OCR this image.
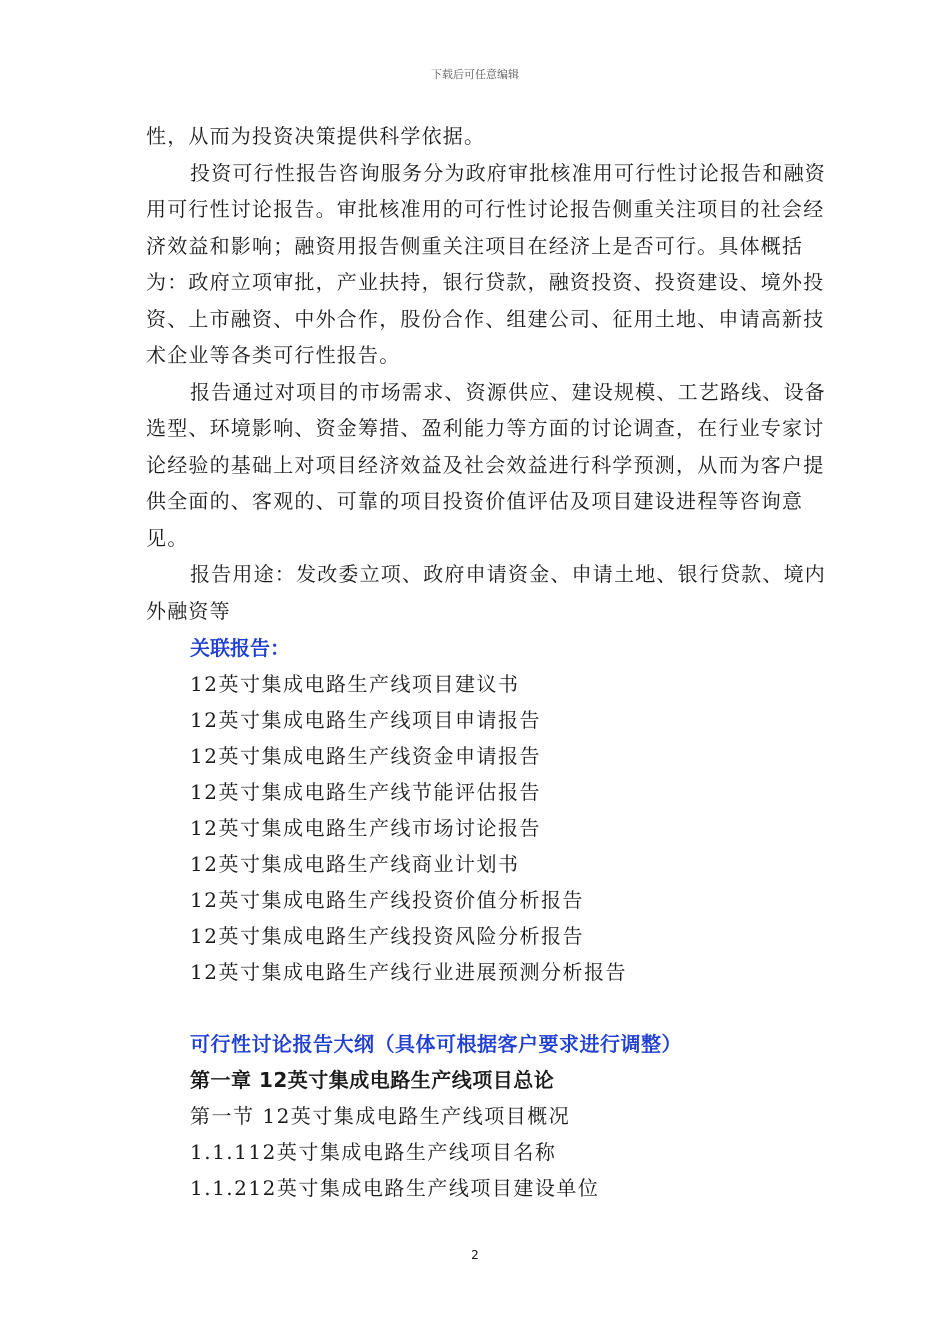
下载后可任意编辑

性，从而为投资决策提供科学依据。

投资可行性报告咨询服务分为政府审批核准用可行性讨论报告和融资用可行性讨论报告。审批核准用的可行性讨论报告侧重关注项目的社会经济效益和影响；融资用报告侧重关注项目在经济上是否可行。具体概括为：政府立项审批，产业扶持，银行贷款，融资投资、投资建设、境外投资、上市融资、中外合作，股份合作、组建公司、征用土地、申请高新技术企业等各类可行性报告。

报告通过对项目的市场需求、资源供应、建设规模、工艺路线、设备选型、环境影响、资金筹措、盈利能力等方面的讨论调查，在行业专家讨论经验的基础上对项目经济效益及社会效益进行科学预测，从而为客户提供全面的、客观的、可靠的项目投资价值评估及项目建设进程等咨询意见。

报告用途：发改委立项、政府申请资金、申请土地、银行贷款、境内外融资等

关联报告：
12英寸集成电路生产线项目建议书
12英寸集成电路生产线项目申请报告
12英寸集成电路生产线资金申请报告
12英寸集成电路生产线节能评估报告
12英寸集成电路生产线市场讨论报告
12英寸集成电路生产线商业计划书
12英寸集成电路生产线投资价值分析报告
12英寸集成电路生产线投资风险分析报告
12英寸集成电路生产线行业进展预测分析报告
可行性讨论报告大纲（具体可根据客户要求进行调整）
第一章 12英寸集成电路生产线项目总论
第一节 12英寸集成电路生产线项目概况
1.1.112英寸集成电路生产线项目名称
1.1.212英寸集成电路生产线项目建设单位
2
